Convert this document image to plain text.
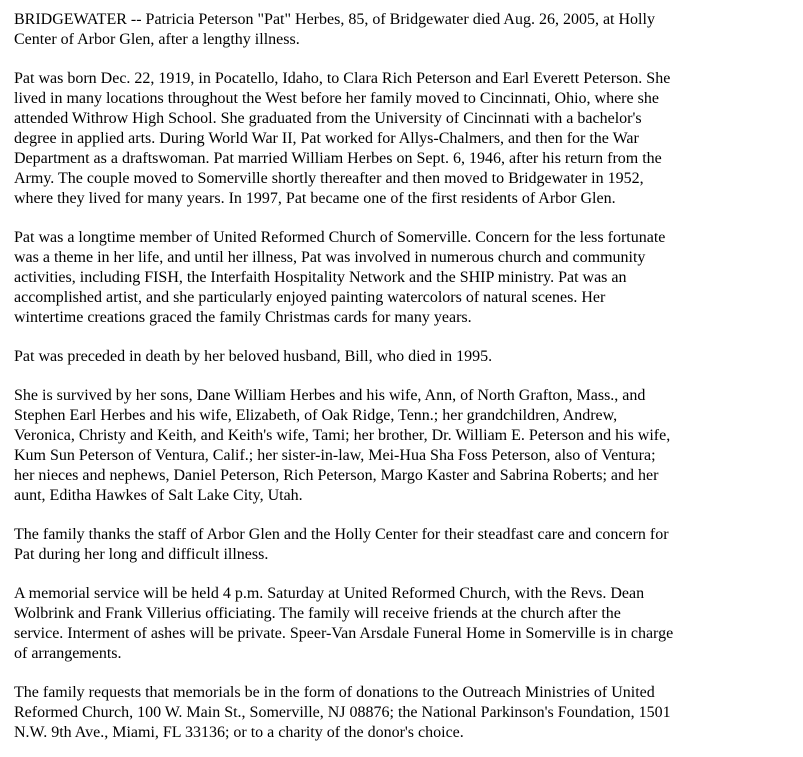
BRIDGEWATER -- Patricia Peterson "Pat" Herbes, 85, of Bridgewater died Aug. 26, 2005, at Holly
Center of Arbor Glen, after a lengthy illness.

Pat was born Dec. 22, 1919, in Pocatello, Idaho, to Clara Rich Peterson and Earl Everett Peterson. She
lived in many locations throughout the West before her family moved to Cincinnati, Ohio, where she
attended Withrow High School. She graduated from the University of Cincinnati with a bachelor's
degree in applied arts. During World War II, Pat worked for Allys-Chalmers, and then for the War
Department as a draftswoman. Pat married William Herbes on Sept. 6, 1946, after his return from the
Army. The couple moved to Somerville shortly thereafter and then moved to Bridgewater in 1952,
where they lived for many years. In 1997, Pat became one of the first residents of Arbor Glen.

Pat was a longtime member of United Reformed Church of Somerville. Concern for the less fortunate
was a theme in her life, and until her illness, Pat was involved in numerous church and community
activities, including FISH, the Interfaith Hospitality Network and the SHIP ministry. Pat was an
accomplished artist, and she particularly enjoyed painting watercolors of natural scenes. Her
wintertime creations graced the family Christmas cards for many years.

Pat was preceded in death by her beloved husband, Bill, who died in 1995.

She is survived by her sons, Dane William Herbes and his wife, Ann, of North Grafton, Mass., and
Stephen Earl Herbes and his wife, Elizabeth, of Oak Ridge, Tenn.; her grandchildren, Andrew,
Veronica, Christy and Keith, and Keith's wife, Tami; her brother, Dr. William E. Peterson and his wife,
Kum Sun Peterson of Ventura, Calif.; her sister-in-law, Mei-Hua Sha Foss Peterson, also of Ventura;
her nieces and nephews, Daniel Peterson, Rich Peterson, Margo Kaster and Sabrina Roberts; and her
aunt, Editha Hawkes of Salt Lake City, Utah.

The family thanks the staff of Arbor Glen and the Holly Center for their steadfast care and concern for
Pat during her long and difficult illness.

A memorial service will be held 4 p.m. Saturday at United Reformed Church, with the Revs. Dean
Wolbrink and Frank Villerius officiating. The family will receive friends at the church after the
service. Interment of ashes will be private. Speer-Van Arsdale Funeral Home in Somerville is in charge
of arrangements.

The family requests that memorials be in the form of donations to the Outreach Ministries of United
Reformed Church, 100 W. Main St., Somerville, NJ 08876; the National Parkinson's Foundation, 1501
N.W. 9th Ave., Miami, FL 33136; or to a charity of the donor's choice.
